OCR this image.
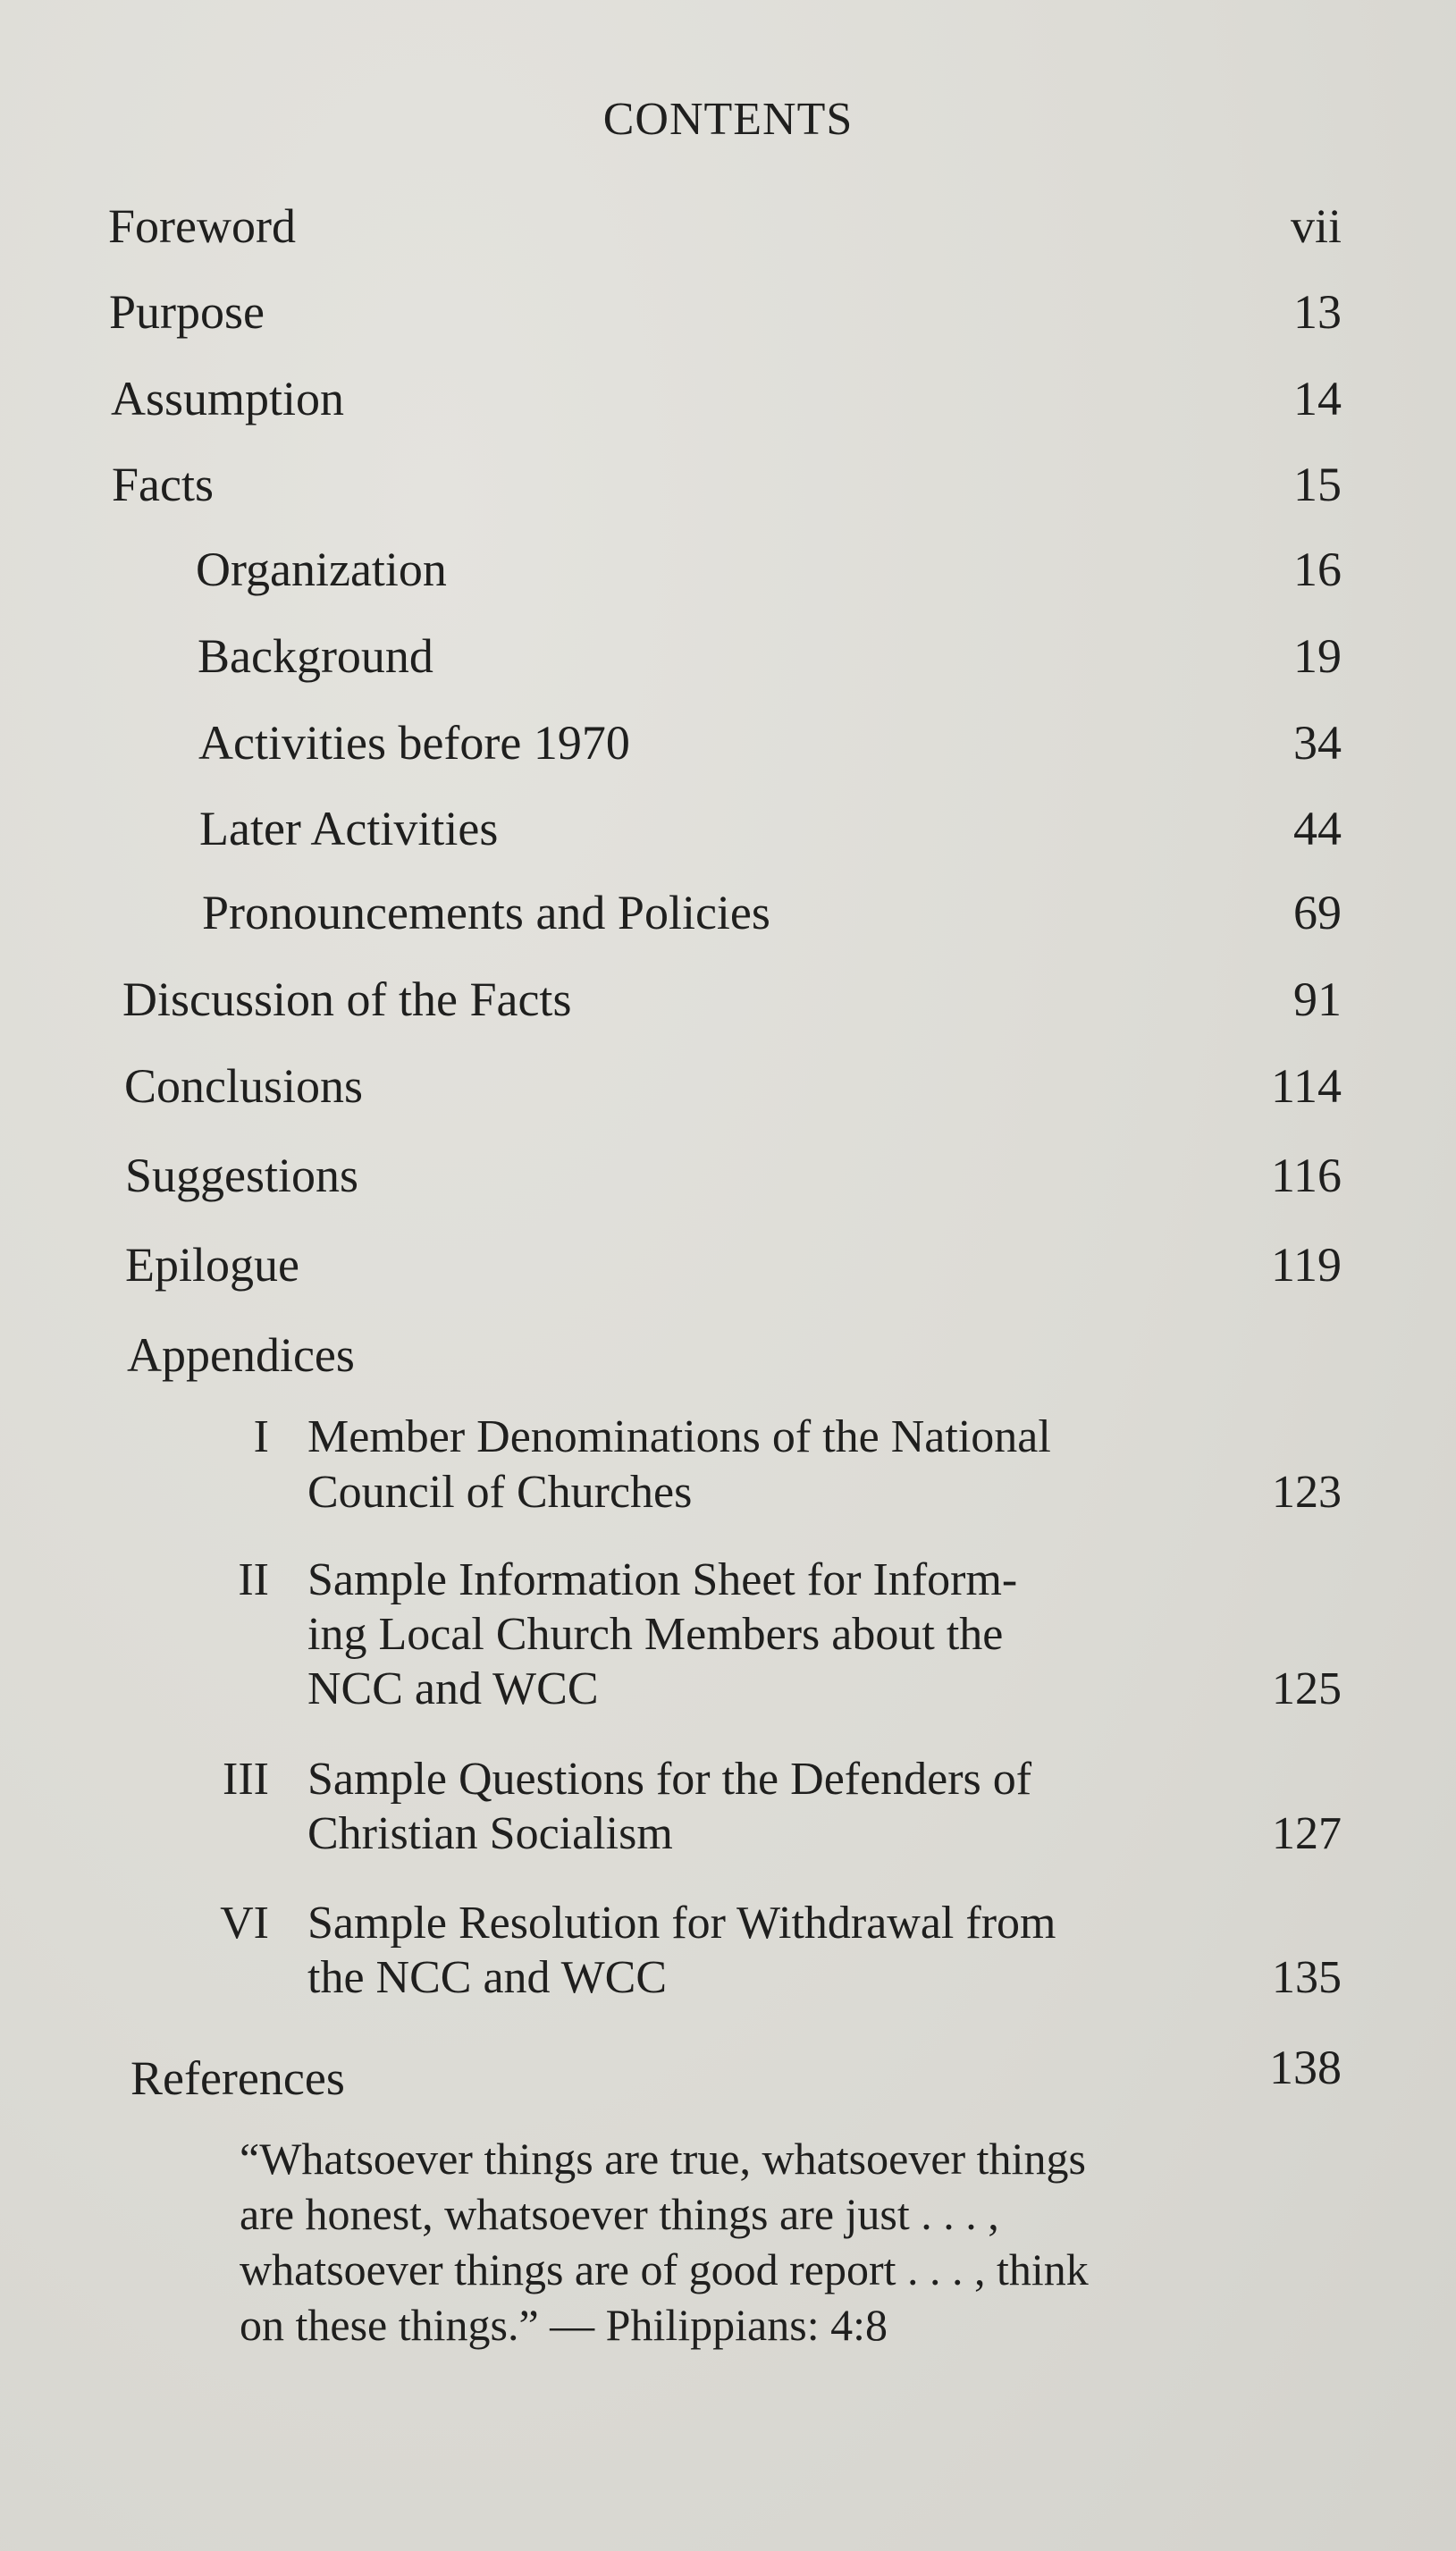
CONTENTS
Foreword	vii
Purpose	13
Assumption	14
Facts	15
Organization	16
Background	19
Activities before 1970	34
Later Activities	44
Pronouncements and Policies	69
Discussion of the Facts	91
Conclusions	114
Suggestions	116
Epilogue	119
Appendices
I Member Denominations of the National
Council of Churches	123
II Sample Information Sheet for Inform-
ing Local Church Members about the
NCC and WCC	125
III Sample Questions for the Defenders of
Christian Socialism	127
VI Sample Resolution for Withdrawal from
the NCC and WCC	135
References	138
“Whatsoever things are true, whatsoever things
are honest, whatsoever things are just . . . ,
whatsoever things are of good report . . . , think
on these things.” — Philippians: 4:8
